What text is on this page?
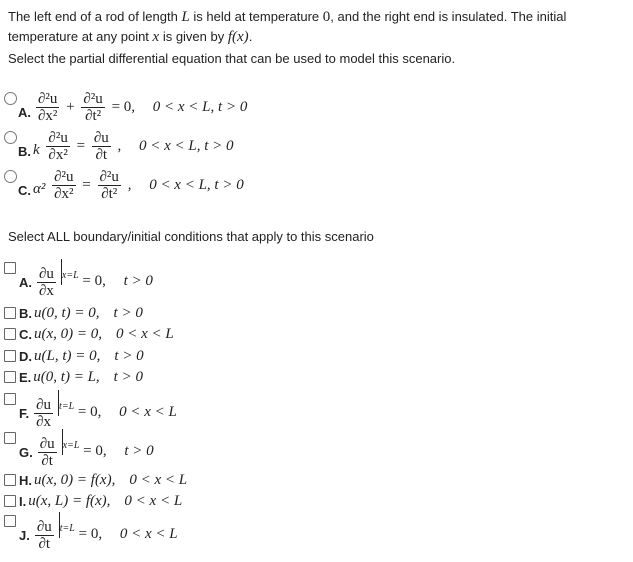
The left end of a rod of length L is held at temperature 0, and the right end is insulated. The initial

temperature at any point x is given by f(x).

Select the partial differential equation that can be used to model this scenario.

A. $\frac{\text{∂²u}}{\text{∂x²}} + \frac{\text{∂²u}}{\text{∂t²}} = 0$, 0 < x < L, t > 0
B. k $\frac{\text{∂²u}}{\text{∂x²}} = \frac{\partial u}{\partial t}$ , 0 < x < L, t > 0
C. $\alpha^2 \frac{\text{∂²u}}{\text{∂x²}} = \frac{\text{∂²u}}{\text{∂t²}}$ , 0 < x < L, t > 0

Select ALL boundary/initial conditions that apply to this scenario

A. $\frac{\partial u}{\partial x} x=L = 0$, t > 0
B. u(0, t) = 0, t > 0
C. u(x, 0) = 0, 0 < x < L
D. u(L, t) = 0, t > 0
E. u(0, t) = L, t > 0
F. $\frac{\partial u}{\partial x} t=L = 0$, 0 < x < L
G. $\frac{\partial u}{\partial t} x=L = 0$, t > 0
H. u(x, 0) = f(x), 0 < x < L
I. u(x, L) = f(x), 0 < x < L
J. $\frac{\partial u}{\partial t} t=L = 0$, 0 < x < L
